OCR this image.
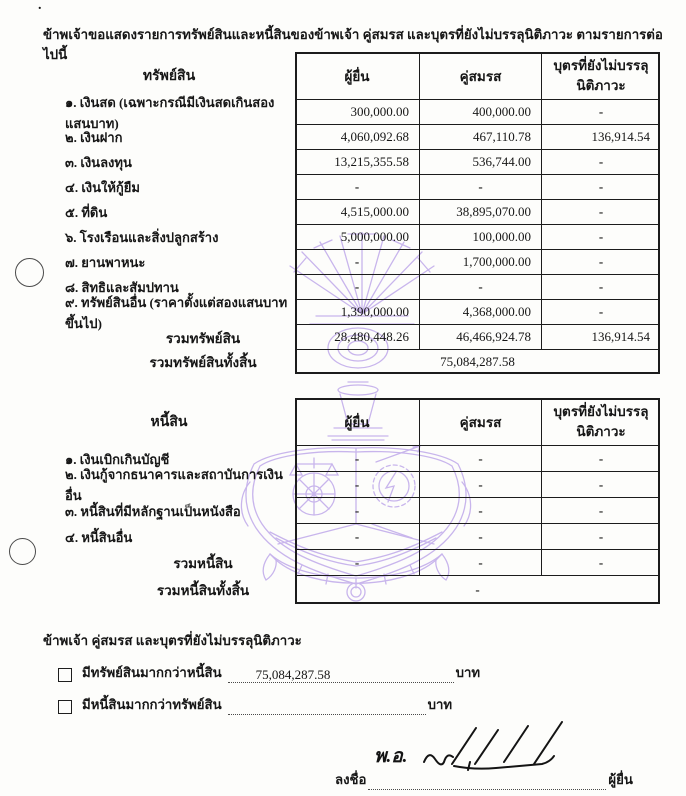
.

ข้าพเจ้าขอแสดงรายการทรัพย์สินและหนี้สินของข้าพเจ้า คู่สมรส และบุตรที่ยังไม่บรรลุนิติภาวะ ตามรายการต่อไปนี้

ทรัพย์สิน	ผู้ยื่น	คู่สมรส
บุตรที่ยังไม่บรรลุ
นิติภาวะ
๑. เงินสด (เฉพาะกรณีมีเงินสดเกินสองแสนบาท)
300,000.00	400,000.00	-
๒. เงินฝาก	4,060,092.68	467,110.78	136,914.54
๓. เงินลงทุน	13,215,355.58	536,744.00	-
๔. เงินให้กู้ยืม	-	-	-
๕. ที่ดิน	4,515,000.00	38,895,070.00	-
๖. โรงเรือนและสิ่งปลูกสร้าง	5,000,000.00	100,000.00	-
๗. ยานพาหนะ	-	1,700,000.00	-
๘. สิทธิและสัมปทาน	-	-	-
๙. ทรัพย์สินอื่น (ราคาตั้งแต่สองแสนบาทขึ้นไป)
1,390,000.00	4,368,000.00	-
รวมทรัพย์สิน	28,480,448.26	46,466,924.78	136,914.54
รวมทรัพย์สินทั้งสิ้น	75,084,287.58
หนี้สิน	ผู้ยื่น	คู่สมรส
บุตรที่ยังไม่บรรลุ
นิติภาวะ
๑. เงินเบิกเกินบัญชี	-	-	-
๒. เงินกู้จากธนาคารและสถาบันการเงินอื่น
-	-	-
๓. หนี้สินที่มีหลักฐานเป็นหนังสือ	-	-	-
๔. หนี้สินอื่น	-	-	-
รวมหนี้สิน	-	-	-
รวมหนี้สินทั้งสิ้น	-
ข้าพเจ้า คู่สมรส และบุตรที่ยังไม่บรรลุนิติภาวะ
มีทรัพย์สินมากกว่าหนี้สิน	75,084,287.58	บาท
มีหนี้สินมากกว่าทรัพย์สิน	บาท
พ.อ.
ลงชื่อ	ผู้ยื่น
